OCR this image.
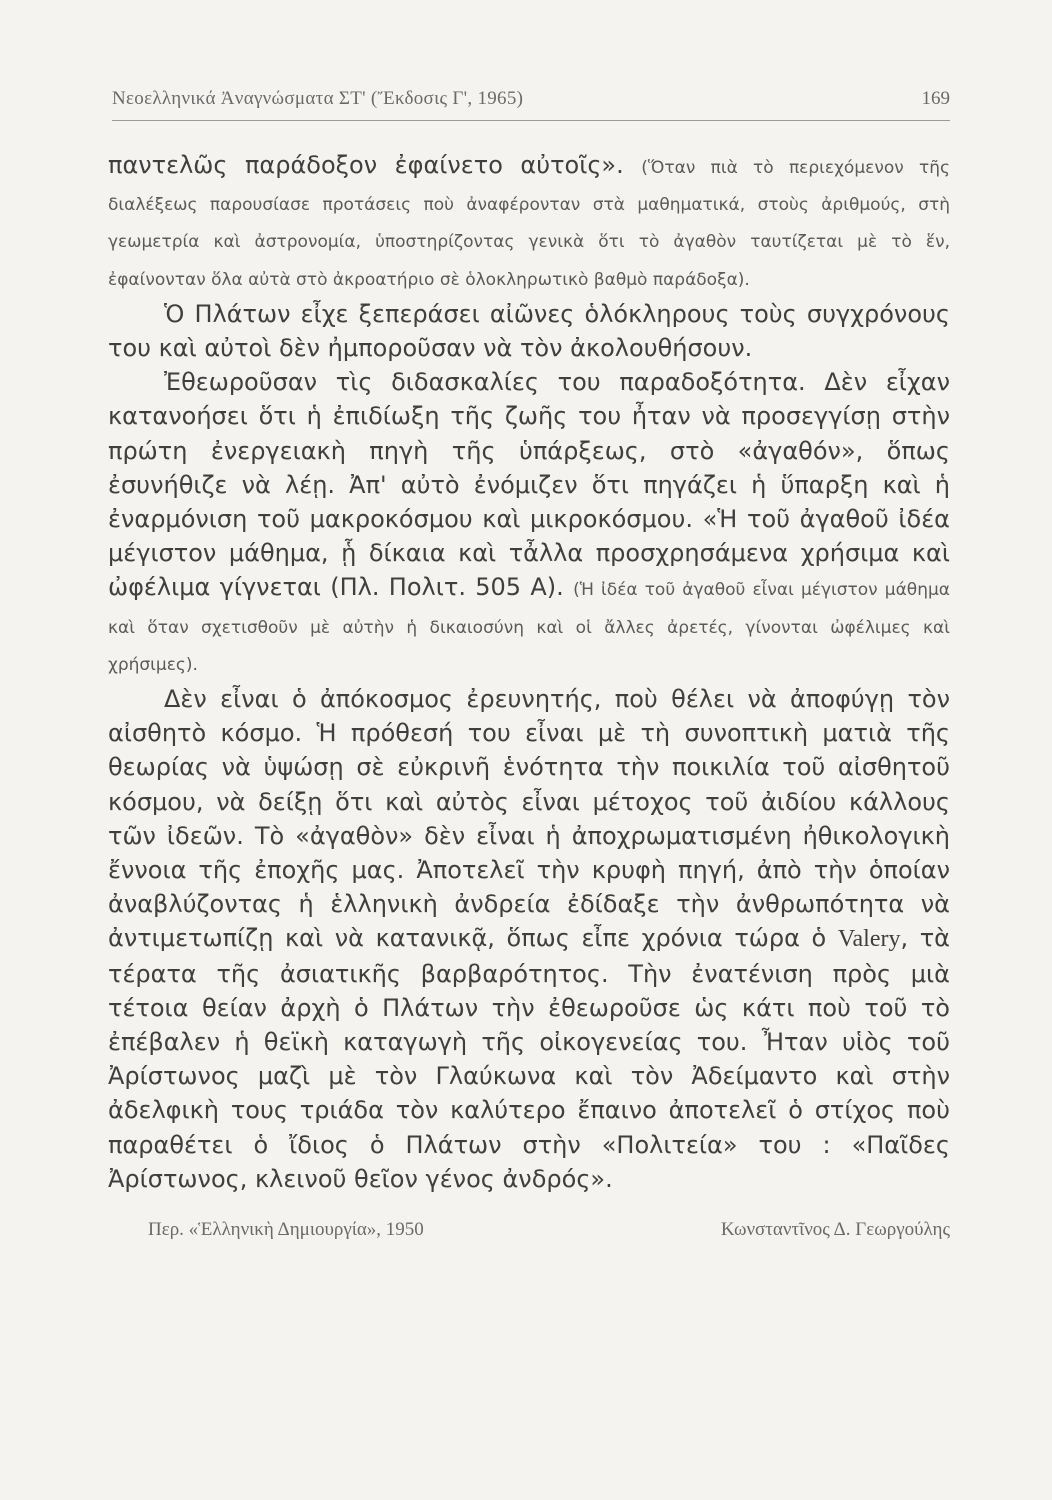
Νεοελληνικά Ἀναγνώσματα ΣΤ' (Ἔκδοσις Γ', 1965)	169

παντελῶς παράδοξον ἐφαίνετο αὐτοῖς». (Ὅταν πιὰ τὸ περιεχόμενον τῆς διαλέξεως παρουσίασε προτάσεις ποὺ ἀναφέρονταν στὰ μαθηματικά, στοὺς ἀριθμούς, στὴ γεωμετρία καὶ ἀστρονομία, ὑποστηρίζοντας γενικὰ ὅτι τὸ ἀγαθὸν ταυτίζεται μὲ τὸ ἕν, ἐφαίνονταν ὅλα αὐτὰ στὸ ἀκροατήριο σὲ ὁλοκληρωτικὸ βαθμὸ παράδοξα).

Ὁ Πλάτων εἶχε ξεπεράσει αἰῶνες ὁλόκληρους τοὺς συγχρόνους του καὶ αὐτοὶ δὲν ἠμποροῦσαν νὰ τὸν ἀκολουθήσουν.

Ἐθεωροῦσαν τὶς διδασκαλίες του παραδοξότητα. Δὲν εἶχαν κατανοήσει ὅτι ἡ ἐπιδίωξη τῆς ζωῆς του ἦταν νὰ προσεγγίσῃ στὴν πρώτη ἐνεργειακὴ πηγὴ τῆς ὑπάρξεως, στὸ «ἀγαθόν», ὅπως ἐσυνήθιζε νὰ λέῃ. Ἀπ' αὐτὸ ἐνόμιζεν ὅτι πηγάζει ἡ ὕπαρξη καὶ ἡ ἐναρμόνιση τοῦ μακροκόσμου καὶ μικροκόσμου. «Ἡ τοῦ ἀγαθοῦ ἰδέα μέγιστον μάθημα, ᾗ δίκαια καὶ τἆλλα προσχρησάμενα χρήσιμα καὶ ὠφέλιμα γίγνεται (Πλ. Πολιτ. 505 Α). (Ἡ ἰδέα τοῦ ἀγαθοῦ εἶναι μέγιστον μάθημα καὶ ὅταν σχετισθοῦν μὲ αὐτὴν ἡ δικαιοσύνη καὶ οἱ ἄλλες ἀρετές, γίνονται ὠφέλιμες καὶ χρήσιμες).

Δὲν εἶναι ὁ ἀπόκοσμος ἐρευνητής, ποὺ θέλει νὰ ἀποφύγῃ τὸν αἰσθητὸ κόσμο. Ἡ πρόθεσή του εἶναι μὲ τὴ συνοπτικὴ ματιὰ τῆς θεωρίας νὰ ὑψώσῃ σὲ εὐκρινῆ ἑνότητα τὴν ποικιλία τοῦ αἰσθητοῦ κόσμου, νὰ δείξῃ ὅτι καὶ αὐτὸς εἶναι μέτοχος τοῦ ἀιδίου κάλλους τῶν ἰδεῶν. Τὸ «ἀγαθὸν» δὲν εἶναι ἡ ἀποχρωματισμένη ἠθικολογικὴ ἔννοια τῆς ἐποχῆς μας. Ἀποτελεῖ τὴν κρυφὴ πηγή, ἀπὸ τὴν ὁποίαν ἀναβλύζοντας ἡ ἑλληνικὴ ἀνδρεία ἐδίδαξε τὴν ἀνθρωπότητα νὰ ἀντιμετωπίζῃ καὶ νὰ κατανικᾷ, ὅπως εἶπε χρόνια τώρα ὁ Valery, τὰ τέρατα τῆς ἀσιατικῆς βαρβαρότητος. Τὴν ἐνατένιση πρὸς μιὰ τέτοια θείαν ἀρχὴ ὁ Πλάτων τὴν ἐθεωροῦσε ὡς κάτι ποὺ τοῦ τὸ ἐπέβαλεν ἡ θεϊκὴ καταγωγὴ τῆς οἰκογενείας του. Ἦταν υἱὸς τοῦ Ἀρίστωνος μαζὶ μὲ τὸν Γλαύκωνα καὶ τὸν Ἀδείμαντο καὶ στὴν ἀδελφικὴ τους τριάδα τὸν καλύτερο ἔπαινο ἀποτελεῖ ὁ στίχος ποὺ παραθέτει ὁ ἴδιος ὁ Πλάτων στὴν «Πολιτεία» του : «Παῖδες Ἀρίστωνος, κλεινοῦ θεῖον γένος ἀνδρός».

Περ. «Ἑλληνικὴ Δημιουργία», 1950	Κωνσταντῖνος Δ. Γεωργούλης
